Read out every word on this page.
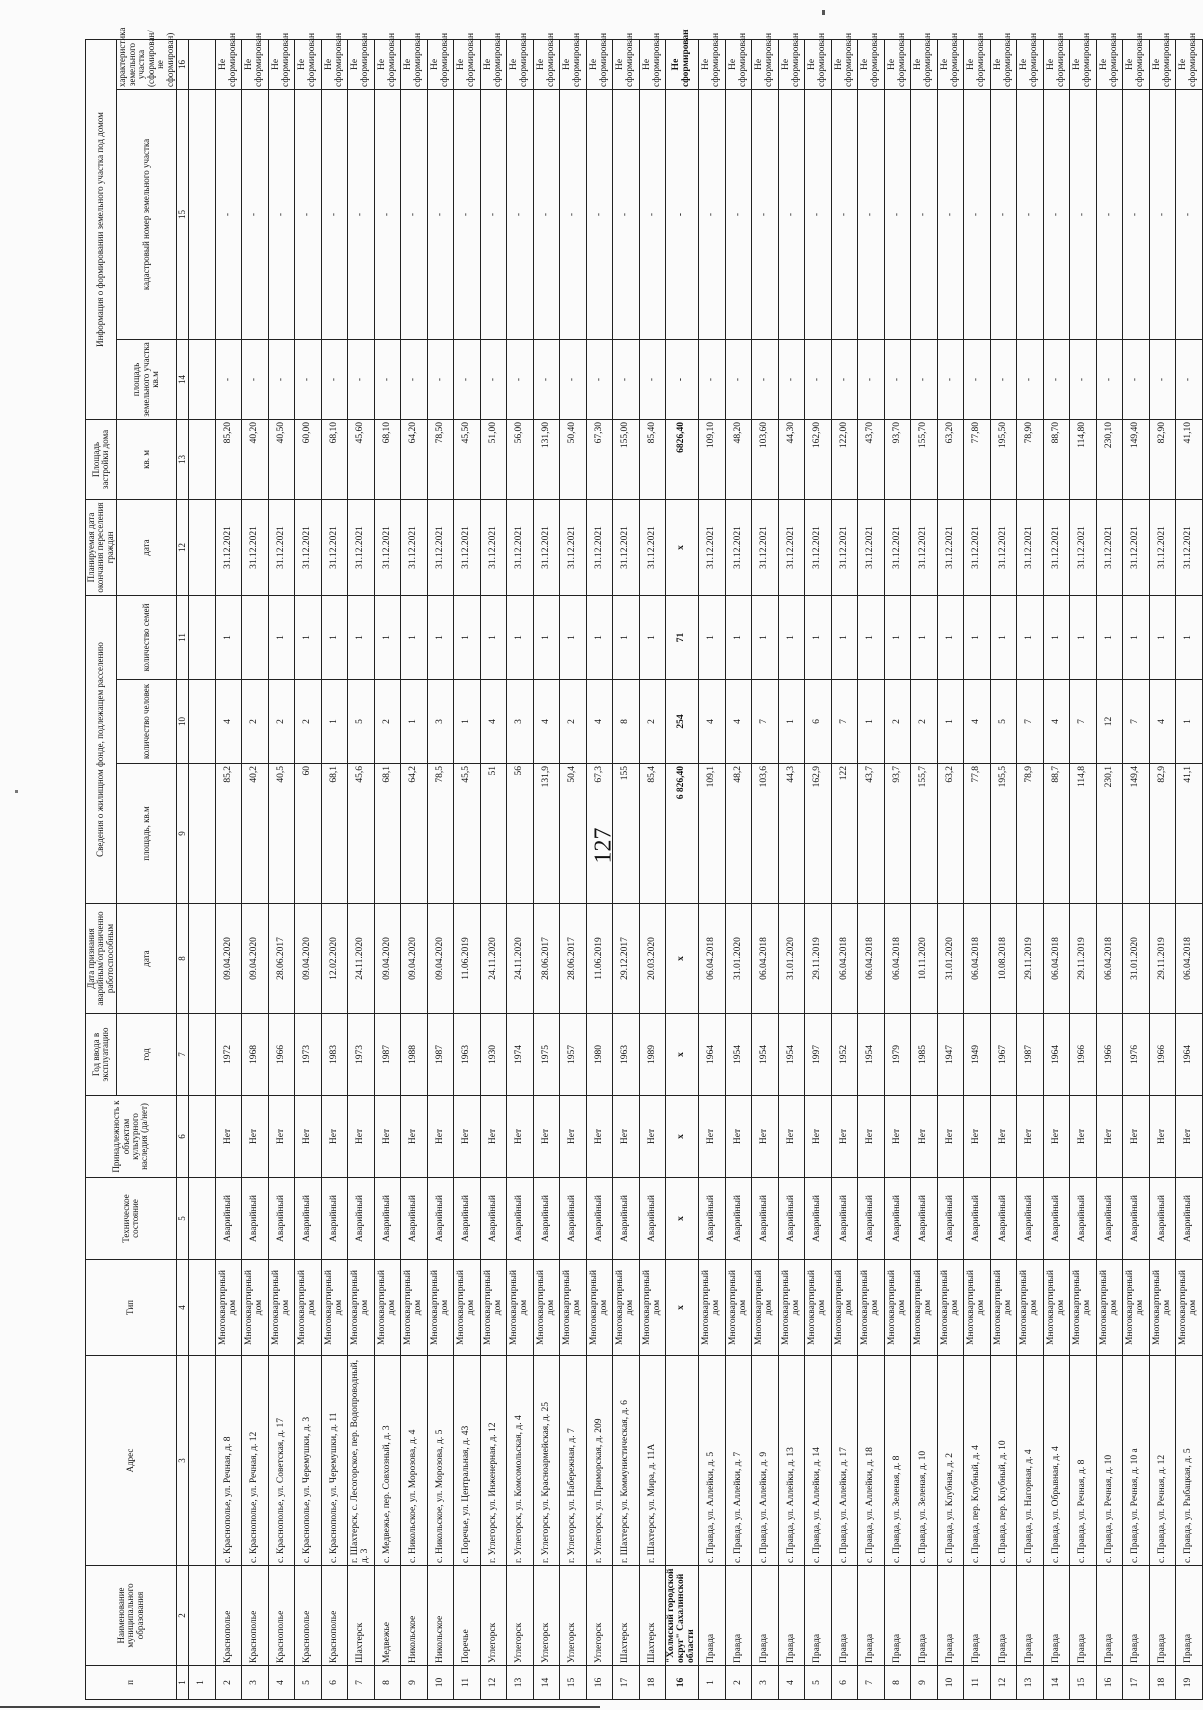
127
п	Наименование муниципального образования	Адрес	Тип	Техническое состояние	Принадлежность к объектам культурного наследия (да/нет)	Год ввода в эксплуатацию	Дата признания аварийным/ограниченно работоспособным	Сведения о жилищном фонде, подлежащем расселению			Планируемая дата окончания переселения граждан	Площадь застройки дома	Информация о формировании земельного участка под домом		
						год	дата	площадь, кв.м	количество человек	количество семей	дата	кв. м	площадь земельного участка
кв.м	кадастровый номер земельного участка	характеристика земельного участка (сформирован/не сформирован)
1	2	3	4	5	6	7	8	9	10	11	12	13	14	15	16
1															
2	Краснополье	с. Краснополье, ул. Речная, д. 8	Многоквартирный дом	Аварийный	Нет	1972	09.04.2020	85,2	4	1	31.12.2021	85,20	-	-	Не сформирован
3	Краснополье	с. Краснополье, ул. Речная, д. 12	Многоквартирный дом	Аварийный	Нет	1968	09.04.2020	40,2	2		31.12.2021	40,20	-	-	Не сформирован
4	Краснополье	с. Краснополье, ул. Советская, д. 17	Многоквартирный дом	Аварийный	Нет	1966	28.06.2017	40,5	2	1	31.12.2021	40,50	-	-	Не сформирован
5	Краснополье	с. Краснополье, ул. Черемушки, д. 3	Многоквартирный дом	Аварийный	Нет	1973	09.04.2020	60	2	1	31.12.2021	60,00	-	-	Не сформирован
6	Краснополье	с. Краснополье, ул. Черемушки, д. 11	Многоквартирный дом	Аварийный	Нет	1983	12.02.2020	68,1	1	1	31.12.2021	68,10	-	-	Не сформирован
7	Шахтерск	г. Шахтерск, с. Лесогорское, пер. Водопроводный, д. 3	Многоквартирный дом	Аварийный	Нет	1973	24.11.2020	45,6	5	1	31.12.2021	45,60	-	-	Не сформирован
8	Медвежье	с. Медвежье, пер. Совхозный, д. 3	Многоквартирный дом	Аварийный	Нет	1987	09.04.2020	68,1	2	1	31.12.2021	68,10	-	-	Не сформирован
9	Никольское	с. Никольское, ул. Морозова, д. 4	Многоквартирный дом	Аварийный	Нет	1988	09.04.2020	64,2	1	1	31.12.2021	64,20	-	-	Не сформирован
10	Никольское	с. Никольское, ул. Морозова, д. 5	Многоквартирный дом	Аварийный	Нет	1987	09.04.2020	78,5	3	1	31.12.2021	78,50	-	-	Не сформирован
11	Поречье	с. Поречье, ул. Центральная, д. 43	Многоквартирный дом	Аварийный	Нет	1963	11.06.2019	45,5	1	1	31.12.2021	45,50	-	-	Не сформирован
12	Углегорск	г. Углегорск, ул. Инженерная, д. 12	Многоквартирный дом	Аварийный	Нет	1930	24.11.2020	51	4	1	31.12.2021	51,00	-	-	Не сформирован
13	Углегорск	г. Углегорск, ул. Комсомольская, д. 4	Многоквартирный дом	Аварийный	Нет	1974	24.11.2020	56	3	1	31.12.2021	56,00	-	-	Не сформирован
14	Углегорск	г. Углегорск, ул. Красноармейская, д. 25	Многоквартирный дом	Аварийный	Нет	1975	28.06.2017	131,9	4	1	31.12.2021	131,90	-	-	Не сформирован
15	Углегорск	г. Углегорск, ул. Набережная, д. 7	Многоквартирный дом	Аварийный	Нет	1957	28.06.2017	50,4	2	1	31.12.2021	50,40	-	-	Не сформирован
16	Углегорск	г. Углегорск, ул. Приморская, д. 209	Многоквартирный дом	Аварийный	Нет	1980	11.06.2019	67,3	4	1	31.12.2021	67,30	-	-	Не сформирован
17	Шахтерск	г. Шахтерск, ул. Коммунистическая, д. 6	Многоквартирный дом	Аварийный	Нет	1963	29.12.2017	155	8	1	31.12.2021	155,00	-	-	Не сформирован
18	Шахтерск	г. Шахтерск, ул. Мира, д. 11А	Многоквартирный дом	Аварийный	Нет	1989	20.03.2020	85,4	2	1	31.12.2021	85,40	-	-	Не сформирован
16	"Холмский городской округ" Сахалинской области		x	x	x	x	x	6 826,40	254	71	x	6826,40	-	-	Не сформирован
1	Правда	с. Правда, ул. Аллейки, д. 5	Многоквартирный дом	Аварийный	Нет	1964	06.04.2018	109,1	4	1	31.12.2021	109,10	-	-	Не сформирован
2	Правда	с. Правда, ул. Аллейки, д. 7	Многоквартирный дом	Аварийный	Нет	1954	31.01.2020	48,2	4	1	31.12.2021	48,20	-	-	Не сформирован
3	Правда	с. Правда, ул. Аллейки, д. 9	Многоквартирный дом	Аварийный	Нет	1954	06.04.2018	103,6	7	1	31.12.2021	103,60	-	-	Не сформирован
4	Правда	с. Правда, ул. Аллейки, д. 13	Многоквартирный дом	Аварийный	Нет	1954	31.01.2020	44,3	1	1	31.12.2021	44,30	-	-	Не сформирован
5	Правда	с. Правда, ул. Аллейки, д. 14	Многоквартирный дом	Аварийный	Нет	1997	29.11.2019	162,9	6	1	31.12.2021	162,90	-	-	Не сформирован
6	Правда	с. Правда, ул. Аллейки, д. 17	Многоквартирный дом	Аварийный	Нет	1952	06.04.2018	122	7	1	31.12.2021	122,00	-	-	Не сформирован
7	Правда	с. Правда, ул. Аллейки, д. 18	Многоквартирный дом	Аварийный	Нет	1954	06.04.2018	43,7	1	1	31.12.2021	43,70	-	-	Не сформирован
8	Правда	с. Правда, ул. Зеленая, д. 8	Многоквартирный дом	Аварийный	Нет	1979	06.04.2018	93,7	2	1	31.12.2021	93,70	-	-	Не сформирован
9	Правда	с. Правда, ул. Зеленая, д. 10	Многоквартирный дом	Аварийный	Нет	1985	10.11.2020	155,7	2	1	31.12.2021	155,70	-	-	Не сформирован
10	Правда	с. Правда, ул. Клубная, д. 2	Многоквартирный дом	Аварийный	Нет	1947	31.01.2020	63,2	1	1	31.12.2021	63,20	-	-	Не сформирован
11	Правда	с. Правда, пер. Клубный, д. 4	Многоквартирный дом	Аварийный	Нет	1949	06.04.2018	77,8	4	1	31.12.2021	77,80	-	-	Не сформирован
12	Правда	с. Правда, пер. Клубный, д. 10	Многоквартирный дом	Аварийный	Нет	1967	10.08.2018	195,5	5	1	31.12.2021	195,50	-	-	Не сформирован
13	Правда	с. Правда, ул. Нагорная, д. 4	Многоквартирный дом	Аварийный	Нет	1987	29.11.2019	78,9	7	1	31.12.2021	78,90	-	-	Не сформирован
14	Правда	с. Правда, ул. Обрывная, д. 4	Многоквартирный дом	Аварийный	Нет	1964	06.04.2018	88,7	4	1	31.12.2021	88,70	-	-	Не сформирован
15	Правда	с. Правда, ул. Речная, д. 8	Многоквартирный дом	Аварийный	Нет	1966	29.11.2019	114,8	7	1	31.12.2021	114,80	-	-	Не сформирован
16	Правда	с. Правда, ул. Речная, д. 10	Многоквартирный дом	Аварийный	Нет	1966	06.04.2018	230,1	12	1	31.12.2021	230,10	-	-	Не сформирован
17	Правда	с. Правда, ул. Речная, д. 10 а	Многоквартирный дом	Аварийный	Нет	1976	31.01.2020	149,4	7	1	31.12.2021	149,40	-	-	Не сформирован
18	Правда	с. Правда, ул. Речная, д. 12	Многоквартирный дом	Аварийный	Нет	1966	29.11.2019	82,9	4	1	31.12.2021	82,90	-	-	Не сформирован
19	Правда	с. Правда, ул. Рыбацкая, д. 5	Многоквартирный дом	Аварийный	Нет	1964	06.04.2018	41,1	1	1	31.12.2021	41,10	-	-	Не сформирован
